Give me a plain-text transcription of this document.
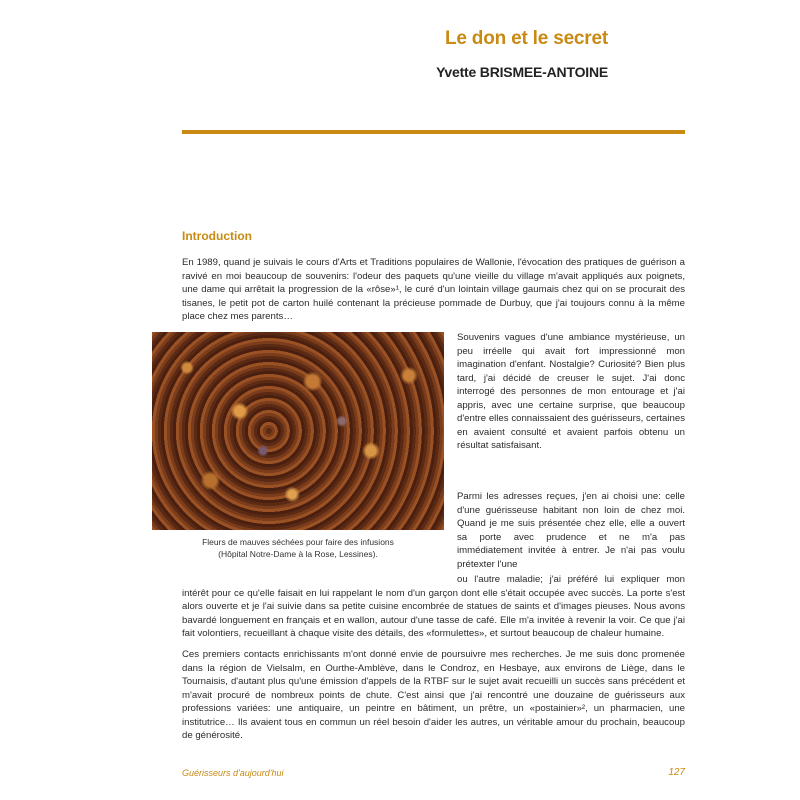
Le don et le secret
Yvette BRISMEE-ANTOINE
Introduction

En 1989, quand je suivais le cours d'Arts et Traditions populaires de Wallonie, l'évocation des pratiques de guérison a ravivé en moi beaucoup de souvenirs: l'odeur des paquets qu'une vieille du village m'avait appliqués aux poignets, une dame qui arrêtait la progression de la «rôse»¹, le curé d'un lointain village gaumais chez qui on se procurait des tisanes, le petit pot de carton huilé contenant la précieuse pommade de Durbuy, que j'ai toujours connu à la même place chez mes parents…

Fleurs de mauves séchées pour faire des infusions
(Hôpital Notre-Dame à la Rose, Lessines).

Souvenirs vagues d'une ambiance mystérieuse, un peu irréelle qui avait fort impressionné mon imagination d'enfant. Nostalgie? Curiosité? Bien plus tard, j'ai décidé de creuser le sujet. J'ai donc interrogé des personnes de mon entourage et j'ai appris, avec une certaine surprise, que beaucoup d'entre elles connaissaient des guérisseurs, certaines en avaient consulté et avaient parfois obtenu un résultat satisfaisant.

Parmi les adresses reçues, j'en ai choisi une: celle d'une guérisseuse habitant non loin de chez moi. Quand je me suis présentée chez elle, elle a ouvert sa porte avec prudence et ne m'a pas immédiatement invitée à entrer. Je n'ai pas voulu prétexter l'une

ou l'autre maladie; j'ai préféré lui expliquer mon intérêt pour ce qu'elle faisait en lui rappelant le nom d'un garçon dont elle s'était occupée avec succès. La porte s'est alors ouverte et je l'ai suivie dans sa petite cuisine encombrée de statues de saints et d'images pieuses. Nous avons bavardé longuement en français et en wallon, autour d'une tasse de café. Elle m'a invitée à revenir la voir. Ce que j'ai fait volontiers, recueillant à chaque visite des détails, des «formulettes», et surtout beaucoup de chaleur humaine.

Ces premiers contacts enrichissants m'ont donné envie de poursuivre mes recherches. Je me suis donc promenée dans la région de Vielsalm, en Ourthe-Amblève, dans le Condroz, en Hesbaye, aux environs de Liège, dans le Tournaisis, d'autant plus qu'une émission d'appels de la RTBF sur le sujet avait recueilli un succès sans précédent et m'avait procuré de nombreux points de chute. C'est ainsi que j'ai rencontré une douzaine de guérisseurs aux professions variées: une antiquaire, un peintre en bâtiment, un prêtre, un «postainier»², un pharmacien, une institutrice… Ils avaient tous en commun un réel besoin d'aider les autres, un véritable amour du prochain, beaucoup de générosité.

Guérisseurs d'aujourd'hui	127
